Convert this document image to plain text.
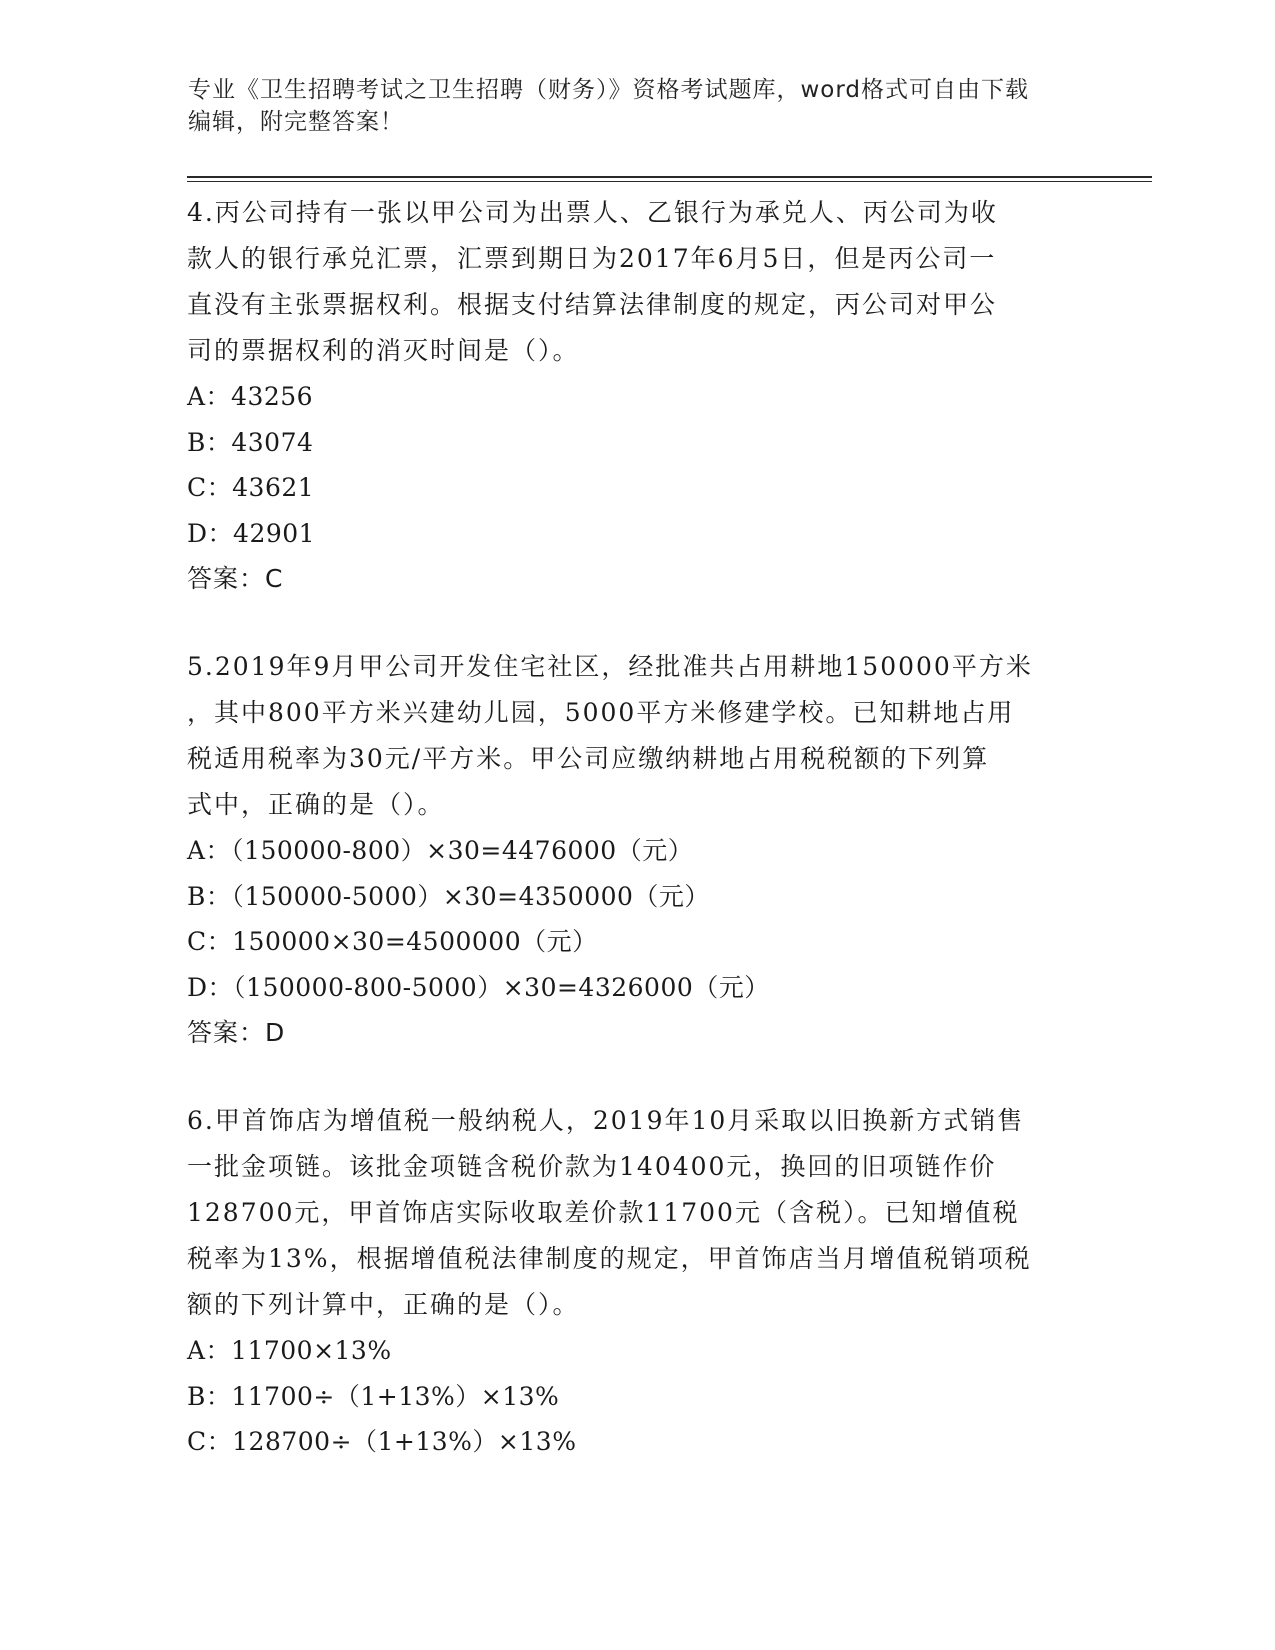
专业《卫生招聘考试之卫生招聘（财务）》资格考试题库，word格式可自由下载
编辑，附完整答案！
4.丙公司持有一张以甲公司为出票人、乙银行为承兑人、丙公司为收
款人的银行承兑汇票，汇票到期日为2017年6月5日，但是丙公司一
直没有主张票据权利。根据支付结算法律制度的规定，丙公司对甲公
司的票据权利的消灭时间是（）。
A：43256
B：43074
C：43621
D：42901
答案：C
5.2019年9月甲公司开发住宅社区，经批准共占用耕地150000平方米
，其中800平方米兴建幼儿园，5000平方米修建学校。已知耕地占用
税适用税率为30元/平方米。甲公司应缴纳耕地占用税税额的下列算
式中，正确的是（）。
A：（150000-800）×30=4476000（元）
B：（150000-5000）×30=4350000（元）
C：150000×30=4500000（元）
D：（150000-800-5000）×30=4326000（元）
答案：D
6.甲首饰店为增值税一般纳税人，2019年10月采取以旧换新方式销售
一批金项链。该批金项链含税价款为140400元，换回的旧项链作价
128700元，甲首饰店实际收取差价款11700元（含税）。已知增值税
税率为13%，根据增值税法律制度的规定，甲首饰店当月增值税销项税
额的下列计算中，正确的是（）。
A：11700×13%
B：11700÷（1+13%）×13%
C：128700÷（1+13%）×13%
